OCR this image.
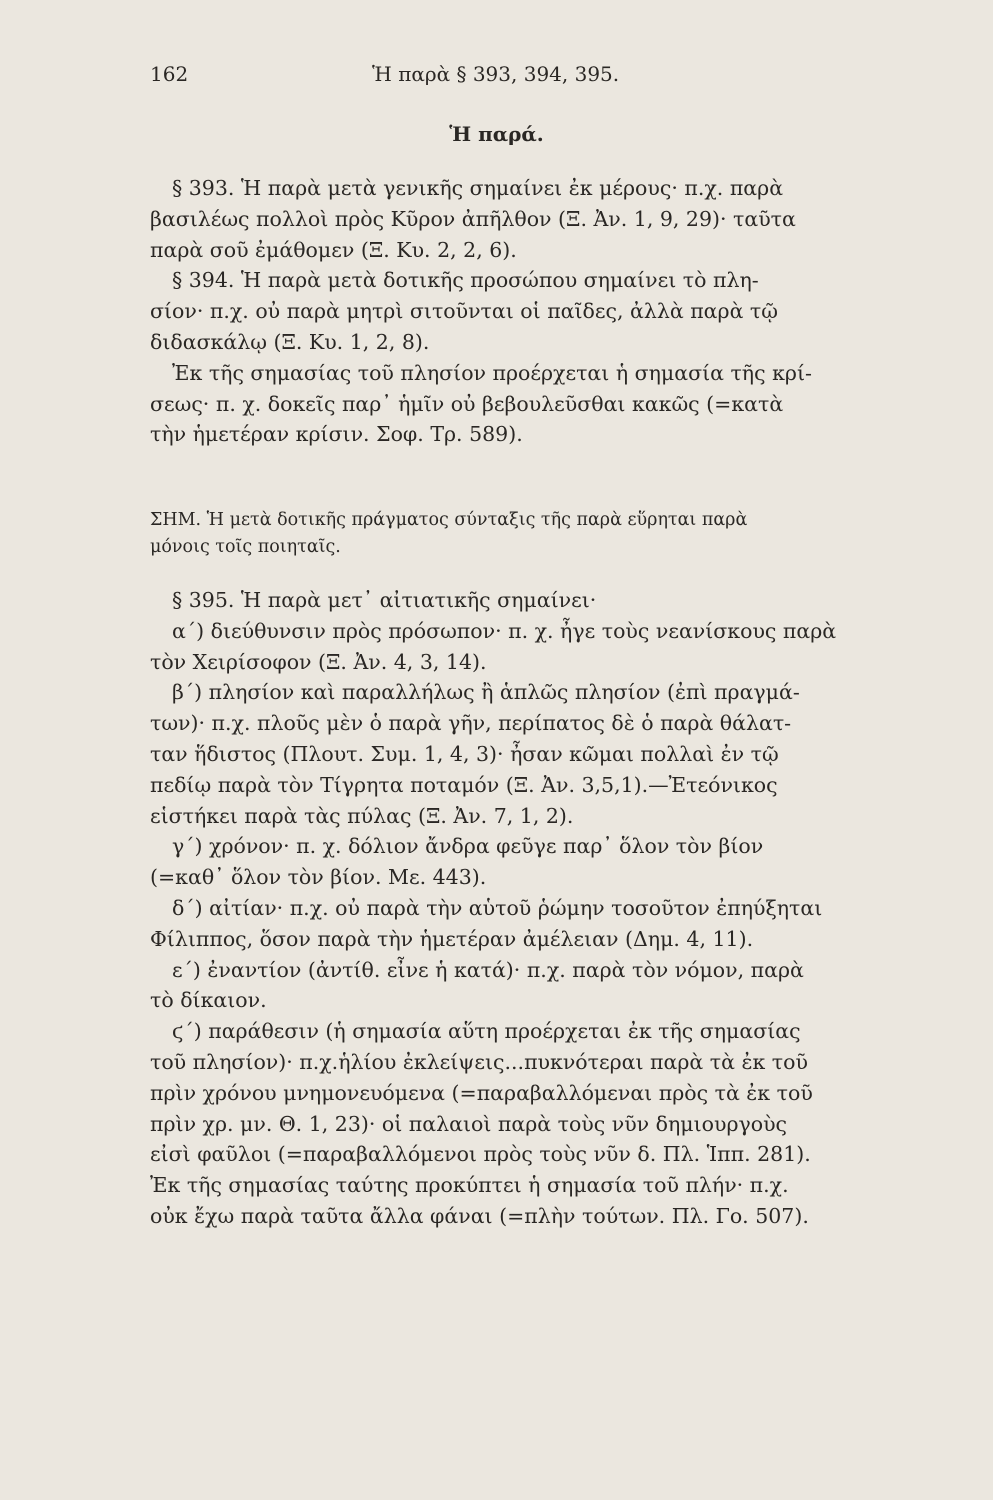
162	Ἡ παρὰ § 393, 394, 395.
Ἡ παρά.
§ 393. Ἡ παρὰ μετὰ γενικῆς σημαίνει ἐκ μέρους· π.χ. παρὰ
βασιλέως πολλοὶ πρὸς Κῦρον ἀπῆλθον (Ξ. Ἀν. 1, 9, 29)· ταῦτα
παρὰ σοῦ ἐμάθομεν (Ξ. Κυ. 2, 2, 6).
§ 394. Ἡ παρὰ μετὰ δοτικῆς προσώπου σημαίνει τὸ πλη-
σίον· π.χ. οὐ παρὰ μητρὶ σιτοῦνται οἱ παῖδες, ἀλλὰ παρὰ τῷ
διδασκάλῳ (Ξ. Κυ. 1, 2, 8).
Ἐκ τῆς σημασίας τοῦ πλησίον προέρχεται ἡ σημασία τῆς κρί-
σεως· π. χ. δοκεῖς παρ᾽ ἡμῖν οὐ βεβουλεῦσθαι κακῶς (=κατὰ
τὴν ἡμετέραν κρίσιν. Σοφ. Τρ. 589).
ΣΗΜ. Ἡ μετὰ δοτικῆς πράγματος σύνταξις τῆς παρὰ εὕρηται παρὰ
μόνοις τοῖς ποιηταῖς.
§ 395. Ἡ παρὰ μετ᾽ αἰτιατικῆς σημαίνει·
α΄) διεύθυνσιν πρὸς πρόσωπον· π. χ. ἦγε τοὺς νεανίσκους παρὰ
τὸν Χειρίσοφον (Ξ. Ἀν. 4, 3, 14).
β΄) πλησίον καὶ παραλλήλως ἢ ἁπλῶς πλησίον (ἐπὶ πραγμά-
των)· π.χ. πλοῦς μὲν ὁ παρὰ γῆν, περίπατος δὲ ὁ παρὰ θάλατ-
ταν ἥδιστος (Πλουτ. Συμ. 1, 4, 3)· ἦσαν κῶμαι πολλαὶ ἐν τῷ
πεδίῳ παρὰ τὸν Τίγρητα ποταμόν (Ξ. Ἀν. 3,5,1).—Ἐτεόνικος
εἱστήκει παρὰ τὰς πύλας (Ξ. Ἀν. 7, 1, 2).
γ΄) χρόνον· π. χ. δόλιον ἄνδρα φεῦγε παρ᾽ ὅλον τὸν βίον
(=καθ᾽ ὅλον τὸν βίον. Με. 443).
δ΄) αἰτίαν· π.χ. οὐ παρὰ τὴν αὑτοῦ ῥώμην τοσοῦτον ἐπηύξηται
Φίλιππος, ὅσον παρὰ τὴν ἡμετέραν ἀμέλειαν (Δημ. 4, 11).
ε΄) ἐναντίον (ἀντίθ. εἶνε ἡ κατά)· π.χ. παρὰ τὸν νόμον, παρὰ
τὸ δίκαιον.
ϛ΄) παράθεσιν (ἡ σημασία αὕτη προέρχεται ἐκ τῆς σημασίας
τοῦ πλησίον)· π.χ.ἡλίου ἐκλείψεις...πυκνότεραι παρὰ τὰ ἐκ τοῦ
πρὶν χρόνου μνημονευόμενα (=παραβαλλόμεναι πρὸς τὰ ἐκ τοῦ
πρὶν χρ. μν. Θ. 1, 23)· οἱ παλαιοὶ παρὰ τοὺς νῦν δημιουργοὺς
εἰσὶ φαῦλοι (=παραβαλλόμενοι πρὸς τοὺς νῦν δ. Πλ. Ἱππ. 281).
Ἐκ τῆς σημασίας ταύτης προκύπτει ἡ σημασία τοῦ πλήν· π.χ.
οὐκ ἔχω παρὰ ταῦτα ἄλλα φάναι (=πλὴν τούτων. Πλ. Γο. 507).
